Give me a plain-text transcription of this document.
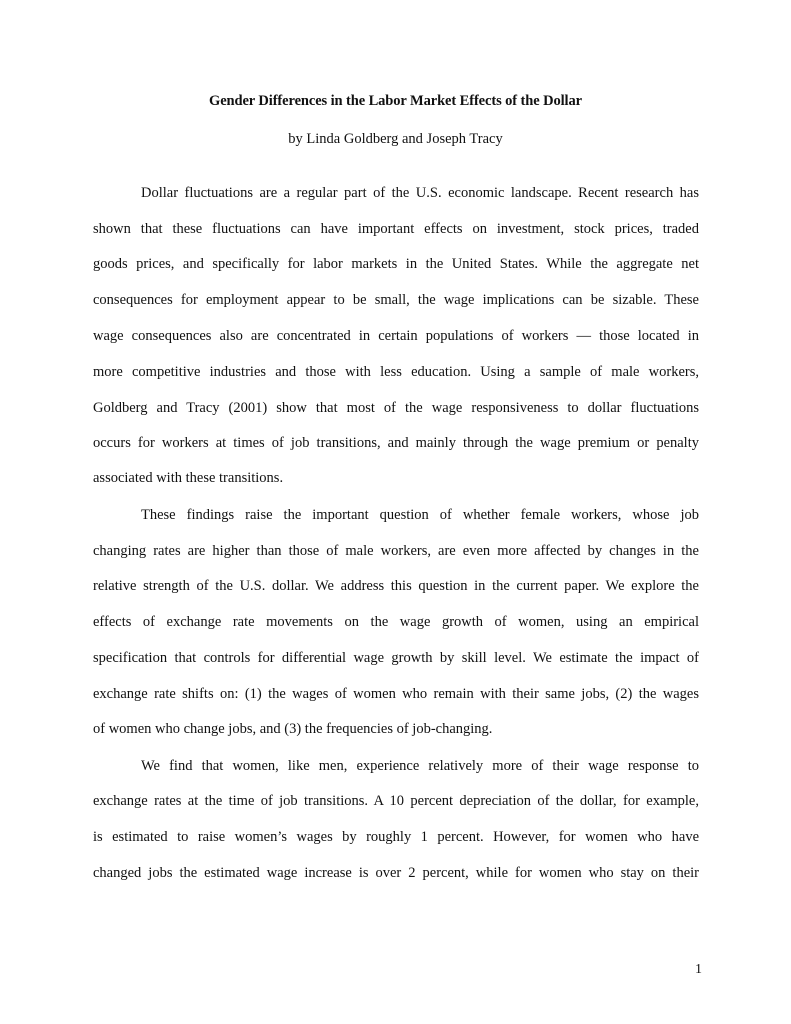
Gender Differences in the Labor Market Effects of the Dollar
by Linda Goldberg and Joseph Tracy
Dollar fluctuations are a regular part of the U.S. economic landscape. Recent research has
shown that these fluctuations can have important effects on investment, stock prices, traded
goods prices, and specifically for labor markets in the United States. While the aggregate net
consequences for employment appear to be small, the wage implications can be sizable. These
wage consequences also are concentrated in certain populations of workers — those located in
more competitive industries and those with less education. Using a sample of male workers,
Goldberg and Tracy (2001) show that most of the wage responsiveness to dollar fluctuations
occurs for workers at times of job transitions, and mainly through the wage premium or penalty
associated with these transitions.
These findings raise the important question of whether female workers, whose job
changing rates are higher than those of male workers, are even more affected by changes in the
relative strength of the U.S. dollar. We address this question in the current paper. We explore the
effects of exchange rate movements on the wage growth of women, using an empirical
specification that controls for differential wage growth by skill level. We estimate the impact of
exchange rate shifts on: (1) the wages of women who remain with their same jobs, (2) the wages
of women who change jobs, and (3) the frequencies of job-changing.
We find that women, like men, experience relatively more of their wage response to
exchange rates at the time of job transitions. A 10 percent depreciation of the dollar, for example,
is estimated to raise women’s wages by roughly 1 percent. However, for women who have
changed jobs the estimated wage increase is over 2 percent, while for women who stay on their
1
